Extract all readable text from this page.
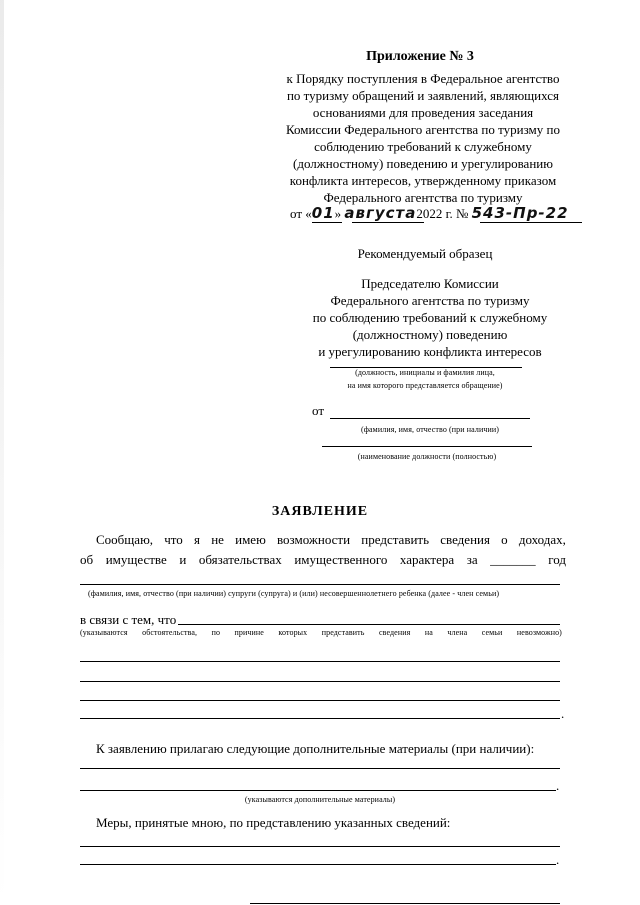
Приложение № 3
к Порядку поступления в Федеральное агентство
по туризму обращений и заявлений, являющихся
основаниями для проведения заседания
Комиссии Федерального агентства по туризму по
соблюдению требований к служебному
(должностному) поведению и урегулированию
конфликта интересов, утвержденному приказом
Федерального агентства по туризму
от «01» августа2022 г. № 543-Пр-22
Рекомендуемый образец
Председателю Комиссии
Федерального агентства по туризму
по соблюдению требований к служебному
(должностному) поведению
и урегулированию конфликта интересов
(должность, инициалы и фамилия лица,
на имя которого представляется обращение)
от
(фамилия, имя, отчество (при наличии)
(наименование должности (полностью)
ЗАЯВЛЕНИЕ
Сообщаю, что я не имею возможности представить сведения о доходах,
об имуществе и обязательствах имущественного характера за _______ год
(фамилия, имя, отчество (при наличии) супруги (супруга) и (или) несовершеннолетнего ребенка (далее - член семьи)
в связи с тем, что
(указываются обстоятельства, по причине которых представить сведения на члена семьи невозможно)
.
К заявлению прилагаю следующие дополнительные материалы (при наличии):
.
(указываются дополнительные материалы)
Меры, принятые мною, по представлению указанных сведений:
.
